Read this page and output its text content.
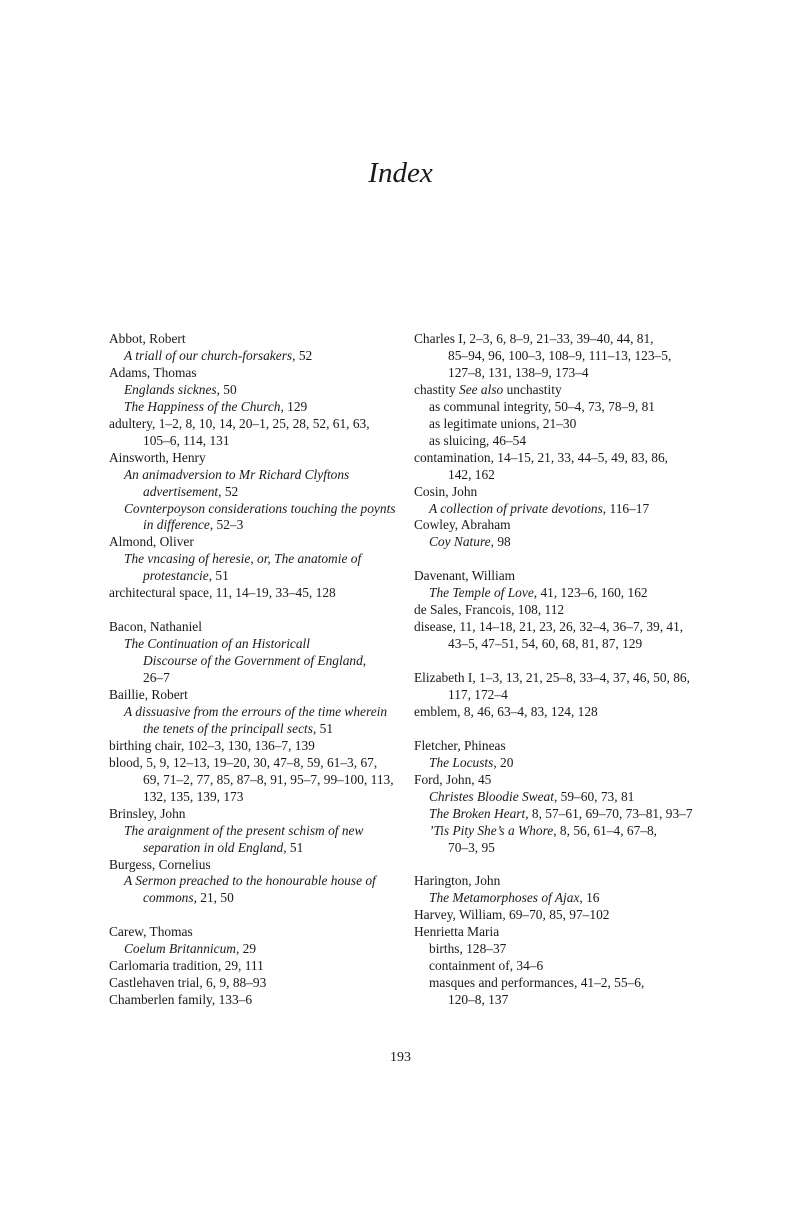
Index
Abbot, Robert
A triall of our church-forsakers, 52
Adams, Thomas
Englands sicknes, 50
The Happiness of the Church, 129
adultery, 1–2, 8, 10, 14, 20–1, 25, 28, 52, 61, 63,
105–6, 114, 131
Ainsworth, Henry
An animadversion to Mr Richard Clyftons
advertisement, 52
Covnterpoyson considerations touching the poynts
in difference, 52–3
Almond, Oliver
The vncasing of heresie, or, The anatomie of
protestancie, 51
architectural space, 11, 14–19, 33–45, 128
Bacon, Nathaniel
The Continuation of an Historicall
Discourse of the Government of England,
26–7
Baillie, Robert
A dissuasive from the errours of the time wherein
the tenets of the principall sects, 51
birthing chair, 102–3, 130, 136–7, 139
blood, 5, 9, 12–13, 19–20, 30, 47–8, 59, 61–3, 67,
69, 71–2, 77, 85, 87–8, 91, 95–7, 99–100, 113,
132, 135, 139, 173
Brinsley, John
The araignment of the present schism of new
separation in old England, 51
Burgess, Cornelius
A Sermon preached to the honourable house of
commons, 21, 50
Carew, Thomas
Coelum Britannicum, 29
Carlomaria tradition, 29, 111
Castlehaven trial, 6, 9, 88–93
Chamberlen family, 133–6
Charles I, 2–3, 6, 8–9, 21–33, 39–40, 44, 81,
85–94, 96, 100–3, 108–9, 111–13, 123–5,
127–8, 131, 138–9, 173–4
chastity See also unchastity
as communal integrity, 50–4, 73, 78–9, 81
as legitimate unions, 21–30
as sluicing, 46–54
contamination, 14–15, 21, 33, 44–5, 49, 83, 86,
142, 162
Cosin, John
A collection of private devotions, 116–17
Cowley, Abraham
Coy Nature, 98
Davenant, William
The Temple of Love, 41, 123–6, 160, 162
de Sales, Francois, 108, 112
disease, 11, 14–18, 21, 23, 26, 32–4, 36–7, 39, 41,
43–5, 47–51, 54, 60, 68, 81, 87, 129
Elizabeth I, 1–3, 13, 21, 25–8, 33–4, 37, 46, 50, 86,
117, 172–4
emblem, 8, 46, 63–4, 83, 124, 128
Fletcher, Phineas
The Locusts, 20
Ford, John, 45
Christes Bloodie Sweat, 59–60, 73, 81
The Broken Heart, 8, 57–61, 69–70, 73–81, 93–7
’Tis Pity She’s a Whore, 8, 56, 61–4, 67–8,
70–3, 95
Harington, John
The Metamorphoses of Ajax, 16
Harvey, William, 69–70, 85, 97–102
Henrietta Maria
births, 128–37
containment of, 34–6
masques and performances, 41–2, 55–6,
120–8, 137
193
